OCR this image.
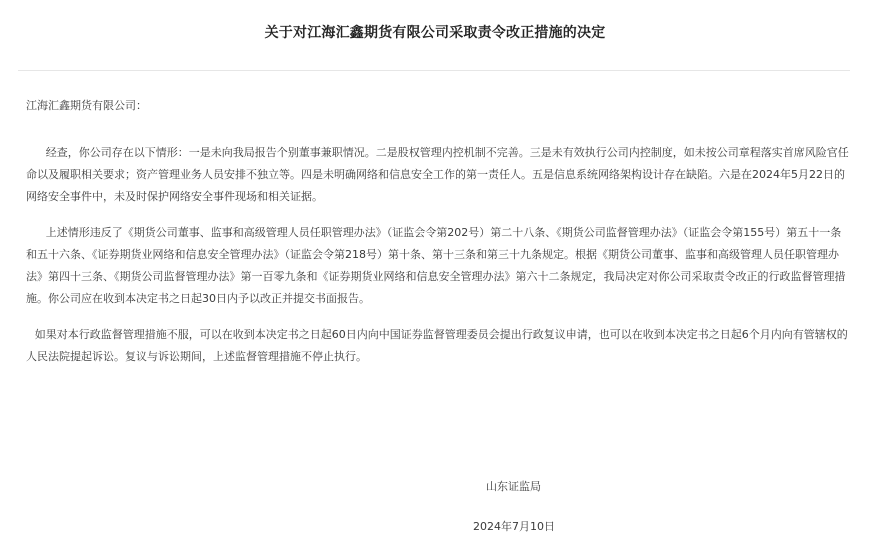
关于对江海汇鑫期货有限公司采取责令改正措施的决定

江海汇鑫期货有限公司：

经查，你公司存在以下情形：一是未向我局报告个别董事兼职情况。二是股权管理内控机制不完善。三是未有效执行公司内控制度，如未按公司章程落实首席风险官任命以及履职相关要求；资产管理业务人员安排不独立等。四是未明确网络和信息安全工作的第一责任人。五是信息系统网络架构设计存在缺陷。六是在2024年5月22日的网络安全事件中，未及时保护网络安全事件现场和相关证据。

上述情形违反了《期货公司董事、监事和高级管理人员任职管理办法》（证监会令第202号）第二十八条、《期货公司监督管理办法》（证监会令第155号）第五十一条和五十六条、《证券期货业网络和信息安全管理办法》（证监会令第218号）第十条、第十三条和第三十九条规定。根据《期货公司董事、监事和高级管理人员任职管理办法》第四十三条、《期货公司监督管理办法》第一百零九条和《证券期货业网络和信息安全管理办法》第六十二条规定，我局决定对你公司采取责令改正的行政监督管理措施。你公司应在收到本决定书之日起30日内予以改正并提交书面报告。

如果对本行政监督管理措施不服，可以在收到本决定书之日起60日内向中国证券监督管理委员会提出行政复议申请，也可以在收到本决定书之日起6个月内向有管辖权的人民法院提起诉讼。复议与诉讼期间，上述监督管理措施不停止执行。

山东证监局
2024年7月10日
